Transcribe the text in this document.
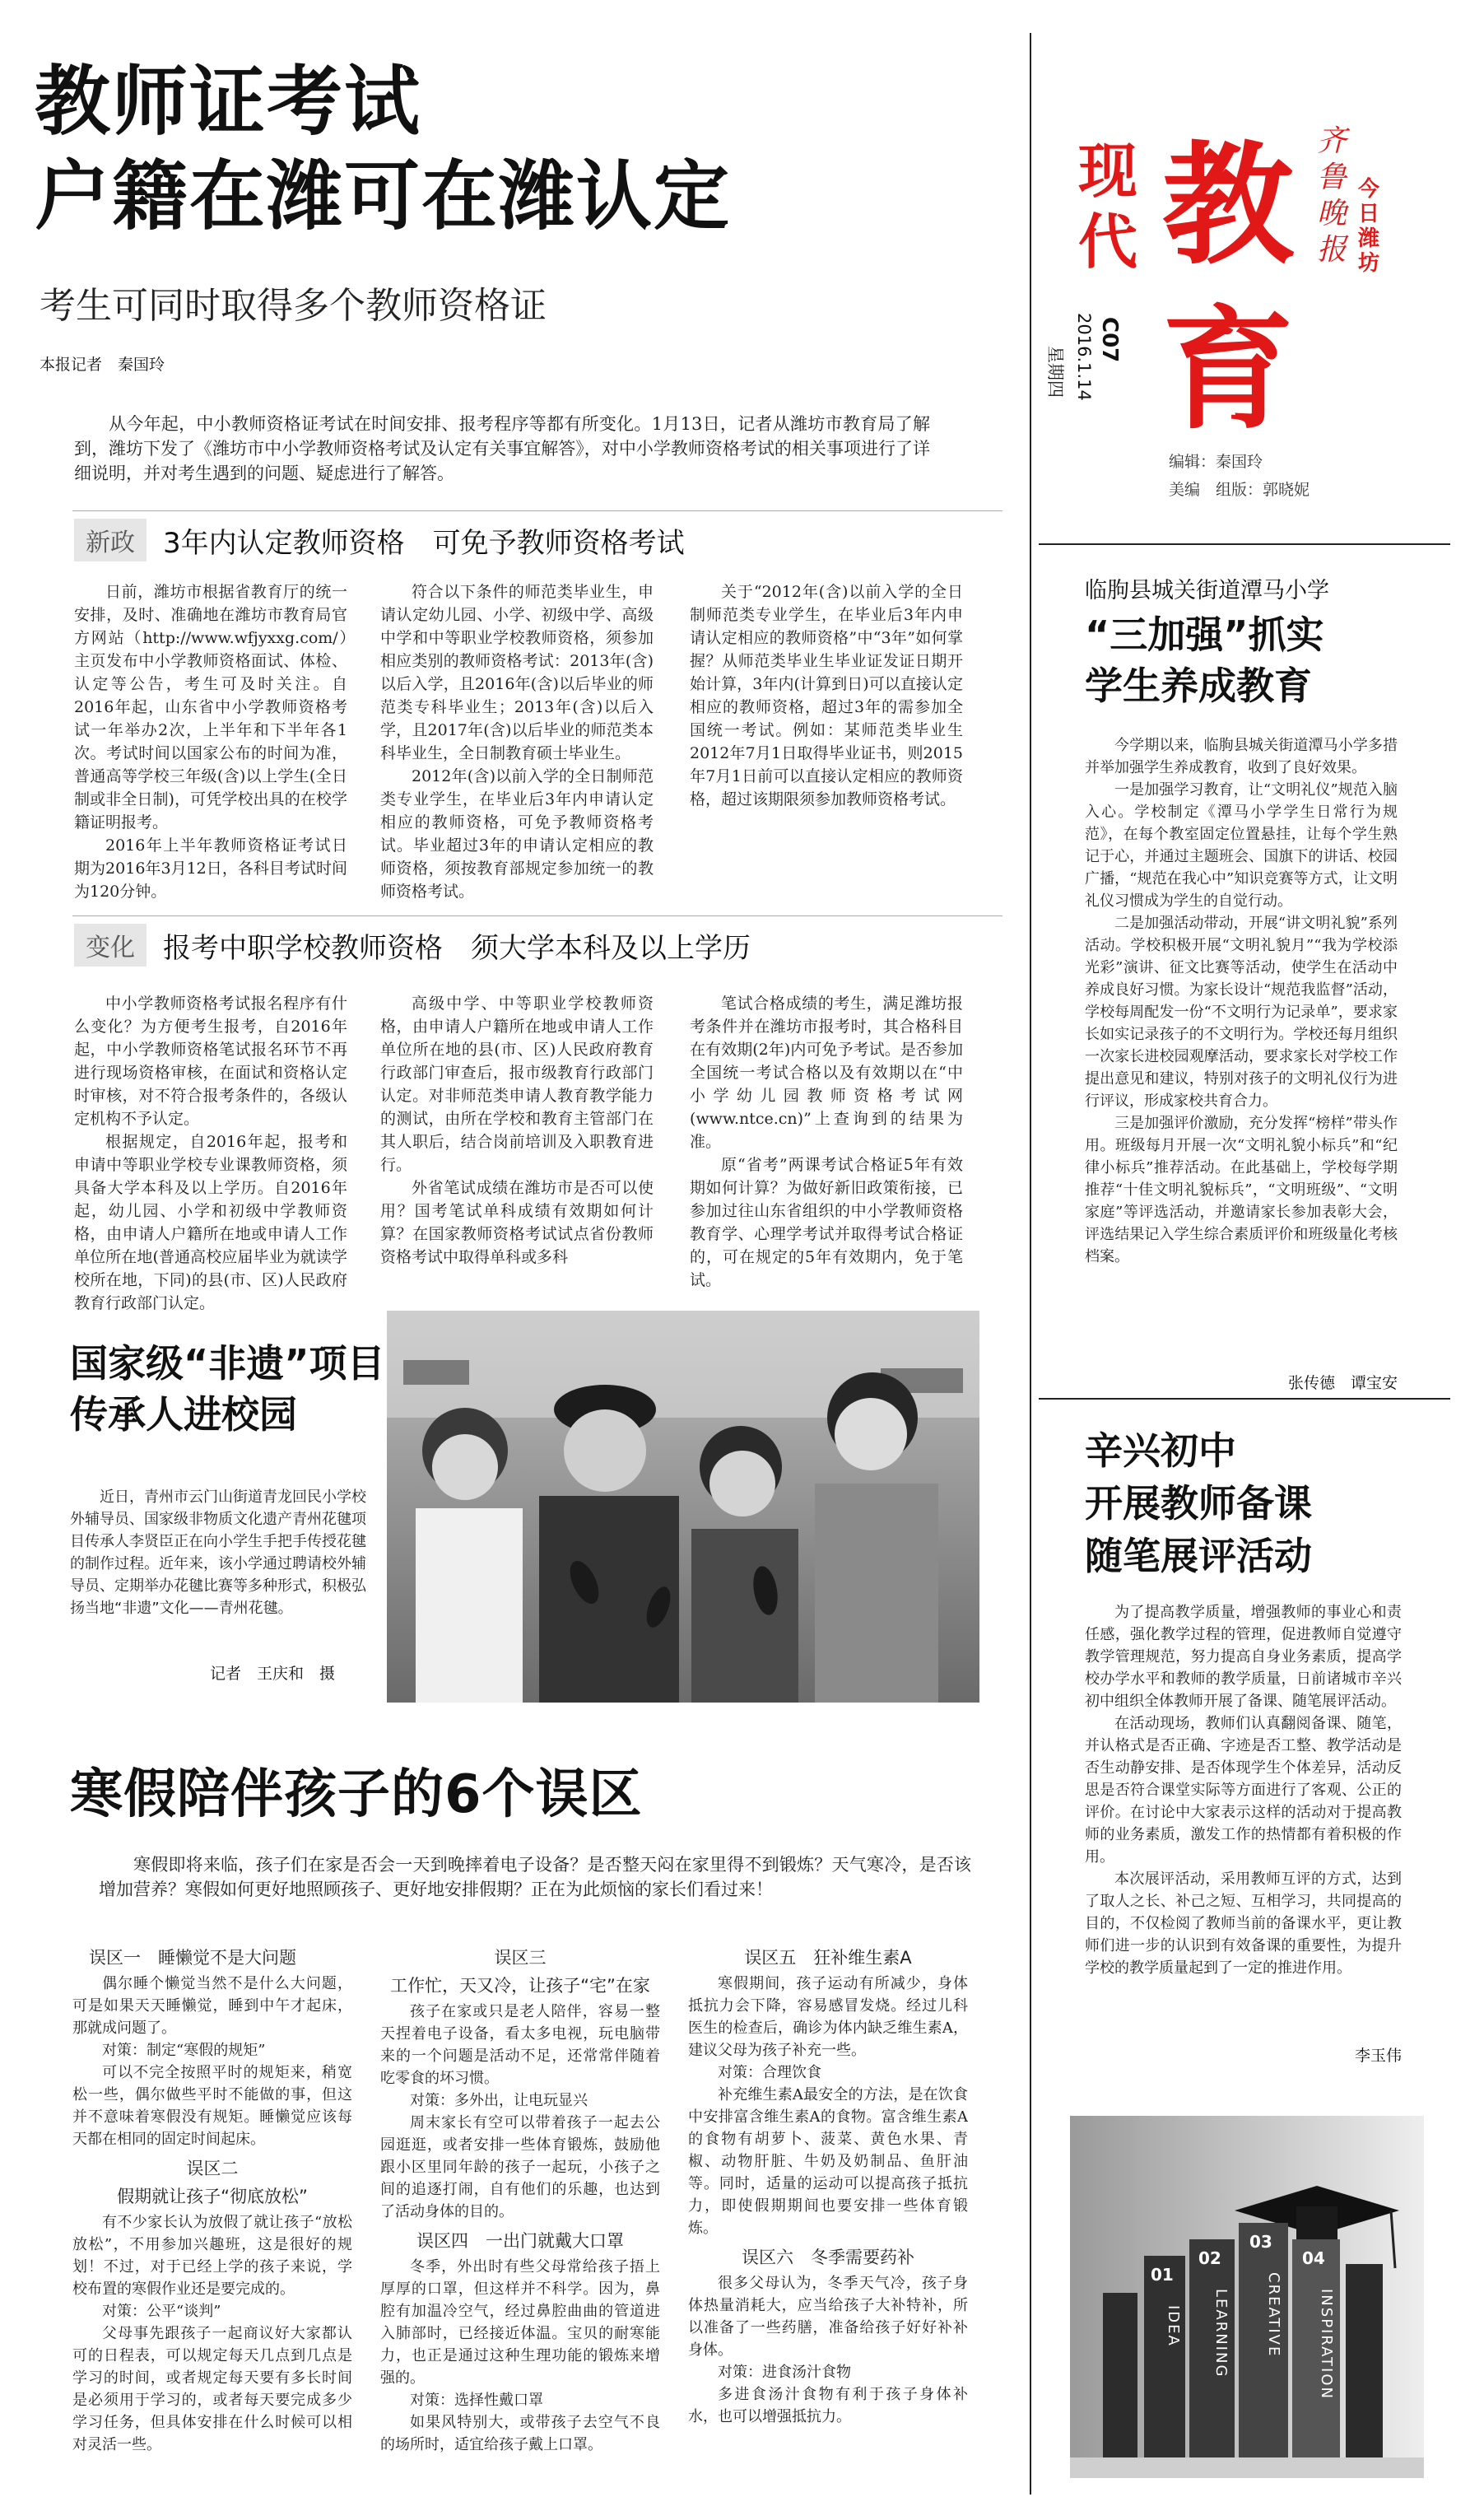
教师证考试
户籍在潍可在潍认定
考生可同时取得多个教师资格证
本报记者　秦国玲

从今年起，中小教师资格证考试在时间安排、报考程序等都有所变化。1月13日，记者从潍坊市教育局了解到，潍坊下发了《潍坊市中小学教师资格考试及认定有关事宜解答》，对中小学教师资格考试的相关事项进行了详细说明，并对考生遇到的问题、疑虑进行了解答。

新政	3年内认定教师资格　可免予教师资格考试

日前，潍坊市根据省教育厅的统一安排，及时、准确地在潍坊市教育局官方网站（http://www.wfjyxxg.com/）主页发布中小学教师资格面试、体检、认定等公告，考生可及时关注。自2016年起，山东省中小学教师资格考试一年举办2次，上半年和下半年各1次。考试时间以国家公布的时间为准，普通高等学校三年级(含)以上学生(全日制或非全日制)，可凭学校出具的在校学籍证明报考。

2016年上半年教师资格证考试日期为2016年3月12日，各科目考试时间为120分钟。

符合以下条件的师范类毕业生，申请认定幼儿园、小学、初级中学、高级中学和中等职业学校教师资格，须参加相应类别的教师资格考试：2013年(含)以后入学，且2016年(含)以后毕业的师范类专科毕业生；2013年(含)以后入学，且2017年(含)以后毕业的师范类本科毕业生，全日制教育硕士毕业生。

2012年(含)以前入学的全日制师范类专业学生，在毕业后3年内申请认定相应的教师资格，可免予教师资格考试。毕业超过3年的申请认定相应的教师资格，须按教育部规定参加统一的教师资格考试。

关于“2012年(含)以前入学的全日制师范类专业学生，在毕业后3年内申请认定相应的教师资格”中“3年”如何掌握？从师范类毕业生毕业证发证日期开始计算，3年内(计算到日)可以直接认定相应的教师资格，超过3年的需参加全国统一考试。例如：某师范类毕业生2012年7月1日取得毕业证书，则2015年7月1日前可以直接认定相应的教师资格，超过该期限须参加教师资格考试。

变化	报考中职学校教师资格　须大学本科及以上学历

中小学教师资格考试报名程序有什么变化？为方便考生报考，自2016年起，中小学教师资格笔试报名环节不再进行现场资格审核，在面试和资格认定时审核，对不符合报考条件的，各级认定机构不予认定。

根据规定，自2016年起，报考和申请中等职业学校专业课教师资格，须具备大学本科及以上学历。自2016年起，幼儿园、小学和初级中学教师资格，由申请人户籍所在地或申请人工作单位所在地(普通高校应届毕业为就读学校所在地，下同)的县(市、区)人民政府教育行政部门认定。

高级中学、中等职业学校教师资格，由申请人户籍所在地或申请人工作单位所在地的县(市、区)人民政府教育行政部门审查后，报市级教育行政部门认定。对非师范类申请人教育教学能力的测试，由所在学校和教育主管部门在其人职后，结合岗前培训及入职教育进行。

外省笔试成绩在潍坊市是否可以使用？国考笔试单科成绩有效期如何计算？在国家教师资格考试试点省份教师资格考试中取得单科或多科

笔试合格成绩的考生，满足潍坊报考条件并在潍坊市报考时，其合格科目在有效期(2年)内可免予考试。是否参加全国统一考试合格以及有效期以在“中小学幼儿园教师资格考试网(www.ntce.cn)”上查询到的结果为准。

原“省考”两课考试合格证5年有效期如何计算？为做好新旧政策衔接，已参加过往山东省组织的中小学教师资格教育学、心理学考试并取得考试合格证的，可在规定的5年有效期内，免于笔试。

国家级“非遗”项目
传承人进校园

近日，青州市云门山街道青龙回民小学校外辅导员、国家级非物质文化遗产青州花毽项目传承人李贤臣正在向小学生手把手传授花毽的制作过程。近年来，该小学通过聘请校外辅导员、定期举办花毽比赛等多种形式，积极弘扬当地“非遗”文化——青州花毽。

记者　王庆和　摄
寒假陪伴孩子的6个误区

寒假即将来临，孩子们在家是否会一天到晚摔着电子设备？是否整天闷在家里得不到锻炼？天气寒冷，是否该增加营养？寒假如何更好地照顾孩子、更好地安排假期？正在为此烦恼的家长们看过来！

误区一　睡懒觉不是大问题

偶尔睡个懒觉当然不是什么大问题，可是如果天天睡懒觉，睡到中午才起床，那就成问题了。

对策：制定“寒假的规矩”

可以不完全按照平时的规矩来，稍宽松一些，偶尔做些平时不能做的事，但这并不意味着寒假没有规矩。睡懒觉应该每天都在相同的固定时间起床。

误区二
假期就让孩子“彻底放松”

有不少家长认为放假了就让孩子“放松放松”，不用参加兴趣班，这是很好的规划！不过，对于已经上学的孩子来说，学校布置的寒假作业还是要完成的。

对策：公平“谈判”

父母事先跟孩子一起商议好大家都认可的日程表，可以规定每天几点到几点是学习的时间，或者规定每天要有多长时间是必须用于学习的，或者每天要完成多少学习任务，但具体安排在什么时候可以相对灵活一些。

误区三
工作忙，天又冷，让孩子“宅”在家

孩子在家或只是老人陪伴，容易一整天捏着电子设备，看太多电视，玩电脑带来的一个问题是活动不足，还常常伴随着吃零食的坏习惯。

对策：多外出，让电玩显兴

周末家长有空可以带着孩子一起去公园逛逛，或者安排一些体育锻炼，鼓励他跟小区里同年龄的孩子一起玩，小孩子之间的追逐打闹，自有他们的乐趣，也达到了活动身体的目的。

误区四　一出门就戴大口罩

冬季，外出时有些父母常给孩子捂上厚厚的口罩，但这样并不科学。因为，鼻腔有加温冷空气，经过鼻腔曲曲的管道进入肺部时，已经接近体温。宝贝的耐寒能力，也正是通过这种生理功能的锻炼来增强的。

对策：选择性戴口罩

如果风特别大，或带孩子去空气不良的场所时，适宜给孩子戴上口罩。

误区五　狂补维生素A

寒假期间，孩子运动有所减少，身体抵抗力会下降，容易感冒发烧。经过儿科医生的检查后，确诊为体内缺乏维生素A，建议父母为孩子补充一些。

对策：合理饮食

补充维生素A最安全的方法，是在饮食中安排富含维生素A的食物。富含维生素A的食物有胡萝卜、菠菜、黄色水果、青椒、动物肝脏、牛奶及奶制品、鱼肝油等。同时，适量的运动可以提高孩子抵抗力，即使假期期间也要安排一些体育锻炼。

误区六　冬季需要药补

很多父母认为，冬季天气冷，孩子身体热量消耗大，应当给孩子大补特补，所以准备了一些药膳，准备给孩子好好补补身体。

对策：进食汤汁食物

多进食汤汁食物有利于孩子身体补水，也可以增强抵抗力。

现代 教育
齐鲁晚报
今日潍坊
星期四 2016.1.14 C07
编辑：秦国玲
美编　组版：郭晓妮
临朐县城关街道潭马小学
“三加强”抓实
学生养成教育

今学期以来，临朐县城关街道潭马小学多措并举加强学生养成教育，收到了良好效果。

一是加强学习教育，让“文明礼仪”规范入脑入心。学校制定《潭马小学学生日常行为规范》，在每个教室固定位置悬挂，让每个学生熟记于心，并通过主题班会、国旗下的讲话、校园广播，“规范在我心中”知识竞赛等方式，让文明礼仪习惯成为学生的自觉行动。

二是加强活动带动，开展“讲文明礼貌”系列活动。学校积极开展“文明礼貌月”“我为学校添光彩”演讲、征文比赛等活动，使学生在活动中养成良好习惯。为家长设计“规范我监督”活动，学校每周配发一份“不文明行为记录单”，要求家长如实记录孩子的不文明行为。学校还每月组织一次家长进校园观摩活动，要求家长对学校工作提出意见和建议，特别对孩子的文明礼仪行为进行评议，形成家校共育合力。

三是加强评价激励，充分发挥“榜样”带头作用。班级每月开展一次“文明礼貌小标兵”和“纪律小标兵”推荐活动。在此基础上，学校每学期推荐“十佳文明礼貌标兵”，“文明班级”、“文明家庭”等评选活动，并邀请家长参加表彰大会，评选结果记入学生综合素质评价和班级量化考核档案。

张传德　谭宝安
辛兴初中
开展教师备课
随笔展评活动

为了提高教学质量，增强教师的事业心和责任感，强化教学过程的管理，促进教师自觉遵守教学管理规范，努力提高自身业务素质，提高学校办学水平和教师的教学质量，日前诸城市辛兴初中组织全体教师开展了备课、随笔展评活动。

在活动现场，教师们认真翻阅备课、随笔，并认格式是否正确、字迹是否工整、教学活动是否生动静安排、是否体现学生个体差异，活动反思是否符合课堂实际等方面进行了客观、公正的评价。在讨论中大家表示这样的活动对于提高教师的业务素质，激发工作的热情都有着积极的作用。

本次展评活动，采用教师互评的方式，达到了取人之长、补己之短、互相学习，共同提高的目的，不仅检阅了教师当前的备课水平，更让教师们进一步的认识到有效备课的重要性，为提升学校的教学质量起到了一定的推进作用。

李玉伟
01
02
03
04
IDEA LEARNING CREATIVE INSPIRATION
